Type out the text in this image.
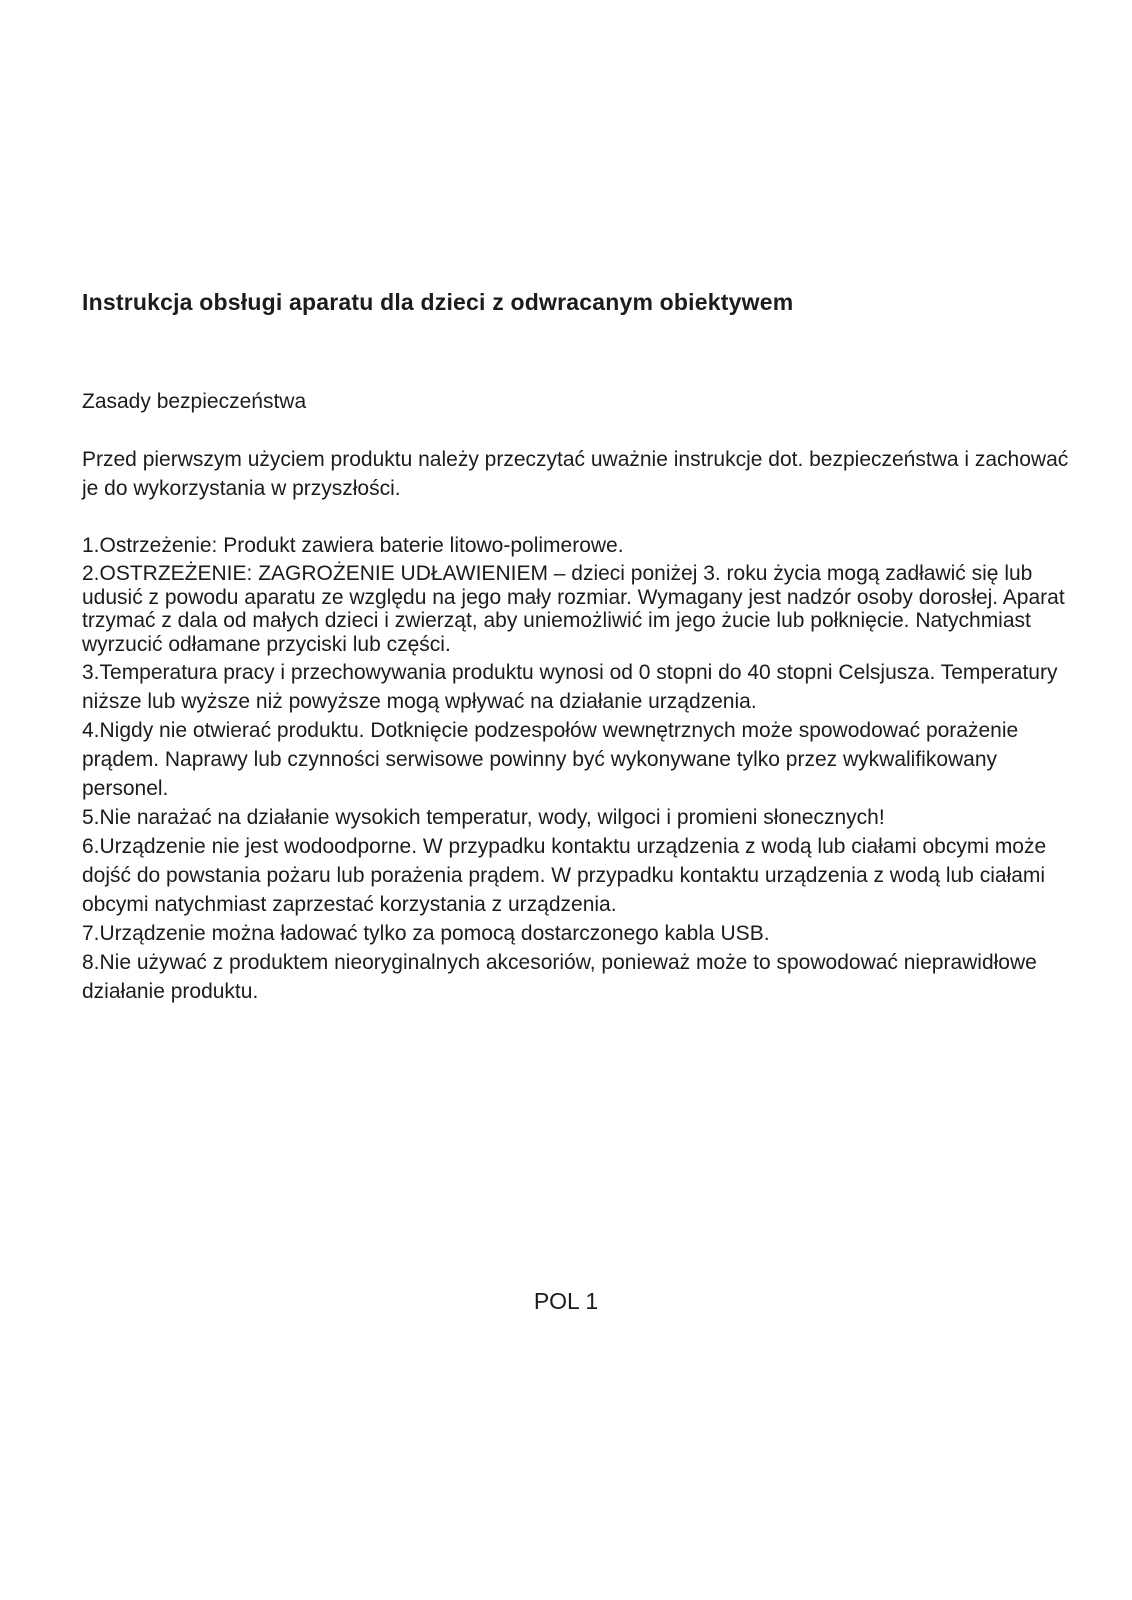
Instrukcja obsługi aparatu dla dzieci z odwracanym obiektywem
Zasady bezpieczeństwa

Przed pierwszym użyciem produktu należy przeczytać uważnie instrukcje dot. bezpieczeństwa i zachować je do wykorzystania w przyszłości.

1.Ostrzeżenie: Produkt zawiera baterie litowo-polimerowe.
2.OSTRZEŻENIE: ZAGROŻENIE UDŁAWIENIEM – dzieci poniżej 3. roku życia mogą zadławić się lub udusić z powodu aparatu ze względu na jego mały rozmiar. Wymagany jest nadzór osoby dorosłej. Aparat trzymać z dala od małych dzieci i zwierząt, aby uniemożliwić im jego żucie lub połknięcie. Natychmiast wyrzucić odłamane przyciski lub części.
3.Temperatura pracy i przechowywania produktu wynosi od 0 stopni do 40 stopni Celsjusza. Temperatury niższe lub wyższe niż powyższe mogą wpływać na działanie urządzenia.
4.Nigdy nie otwierać produktu. Dotknięcie podzespołów wewnętrznych może spowodować porażenie prądem. Naprawy lub czynności serwisowe powinny być wykonywane tylko przez wykwalifikowany personel.
5.Nie narażać na działanie wysokich temperatur, wody, wilgoci i promieni słonecznych!
6.Urządzenie nie jest wodoodporne. W przypadku kontaktu urządzenia z wodą lub ciałami obcymi może dojść do powstania pożaru lub porażenia prądem. W przypadku kontaktu urządzenia z wodą lub ciałami obcymi natychmiast zaprzestać korzystania z urządzenia.
7.Urządzenie można ładować tylko za pomocą dostarczonego kabla USB.
8.Nie używać z produktem nieoryginalnych akcesoriów, ponieważ może to spowodować nieprawidłowe działanie produktu.

POL 1
